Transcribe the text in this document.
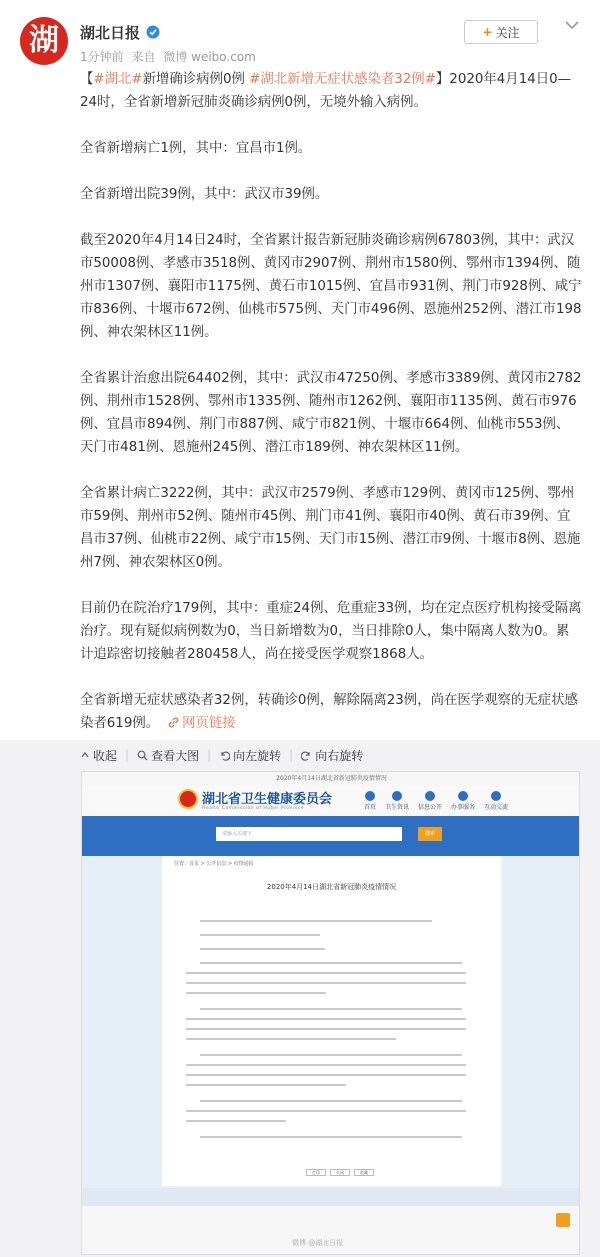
湖	湖北日报
1分钟前 来自 微博 weibo.com
+ 关注

【#湖北#新增确诊病例0例 #湖北新增无症状感染者32例#】2020年4月14日0—24时，全省新增新冠肺炎确诊病例0例，无境外输入病例。

全省新增病亡1例，其中：宜昌市1例。

全省新增出院39例，其中：武汉市39例。

截至2020年4月14日24时，全省累计报告新冠肺炎确诊病例67803例，其中：武汉市50008例、孝感市3518例、黄冈市2907例、荆州市1580例、鄂州市1394例、随州市1307例、襄阳市1175例、黄石市1015例、宜昌市931例、荆门市928例、咸宁市836例、十堰市672例、仙桃市575例、天门市496例、恩施州252例、潜江市198例、神农架林区11例。

全省累计治愈出院64402例，其中：武汉市47250例、孝感市3389例、黄冈市2782例、荆州市1528例、鄂州市1335例、随州市1262例、襄阳市1135例、黄石市976例、宜昌市894例、荆门市887例、咸宁市821例、十堰市664例、仙桃市553例、天门市481例、恩施州245例、潜江市189例、神农架林区11例。

全省累计病亡3222例，其中：武汉市2579例、孝感市129例、黄冈市125例、鄂州市59例、荆州市52例、随州市45例、荆门市41例、襄阳市40例、黄石市39例、宜昌市37例、仙桃市22例、咸宁市15例、天门市15例、潜江市9例、十堰市8例、恩施州7例、神农架林区0例。

目前仍在院治疗179例，其中：重症24例、危重症33例，均在定点医疗机构接受隔离治疗。现有疑似病例数为0，当日新增数为0，当日排除0人，集中隔离人数为0。累计追踪密切接触者280458人，尚在接受医学观察1868人。

全省新增无症状感染者32例，转确诊0例，解除隔离23例，尚在医学观察的无症状感染者619例。 网页链接

收起 | 查看大图 | 向左旋转 | 向右旋转
2020年4月14日湖北省新冠肺炎疫情情况
湖北省卫生健康委员会
Health Commission of Hubei Province	首页 卫生资讯 信息公开 办事服务 互动交流
请输入关键字	搜索
位置：首页 > 公开信息 > 疫情通报
2020年4月14日湖北省新冠肺炎疫情情况
打印	关闭	收藏
微博 @湖北日报
